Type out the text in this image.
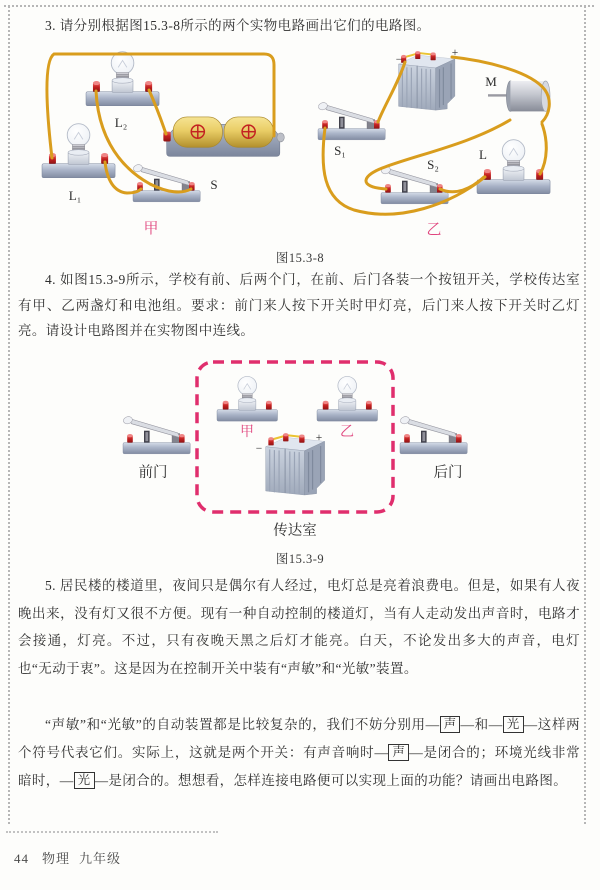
3. 请分别根据图15.3-8所示的两个实物电路画出它们的电路图。
L₂
L₁
S
甲
−
+
M
S₁
S₂
L
乙
图15.3-8
4. 如图15.3-9所示，学校有前、后两个门，在前、后门各装一个按钮开关，学校传达室有甲、乙两盏灯和电池组。要求：前门来人按下开关时甲灯亮，后门来人按下开关时乙灯亮。请设计电路图并在实物图中连线。
甲	乙
−
+
前门	后门
传达室
图15.3-9
5. 居民楼的楼道里，夜间只是偶尔有人经过，电灯总是亮着浪费电。但是，如果有人夜晚出来，没有灯又很不方便。现有一种自动控制的楼道灯，当有人走动发出声音时，电路才会接通，灯亮。不过，只有夜晚天黑之后灯才能亮。白天，不论发出多大的声音，电灯也“无动于衷”。这是因为在控制开关中装有“声敏”和“光敏”装置。
“声敏”和“光敏”的自动装置都是比较复杂的，我们不妨分别用— 声 —和— 光 —这样两个符号代表它们。实际上，这就是两个开关：有声音响时— 声 —是闭合的；环境光线非常暗时，— 光 —是闭合的。想想看，怎样连接电路便可以实现上面的功能？请画出电路图。
44 物理 九年级
